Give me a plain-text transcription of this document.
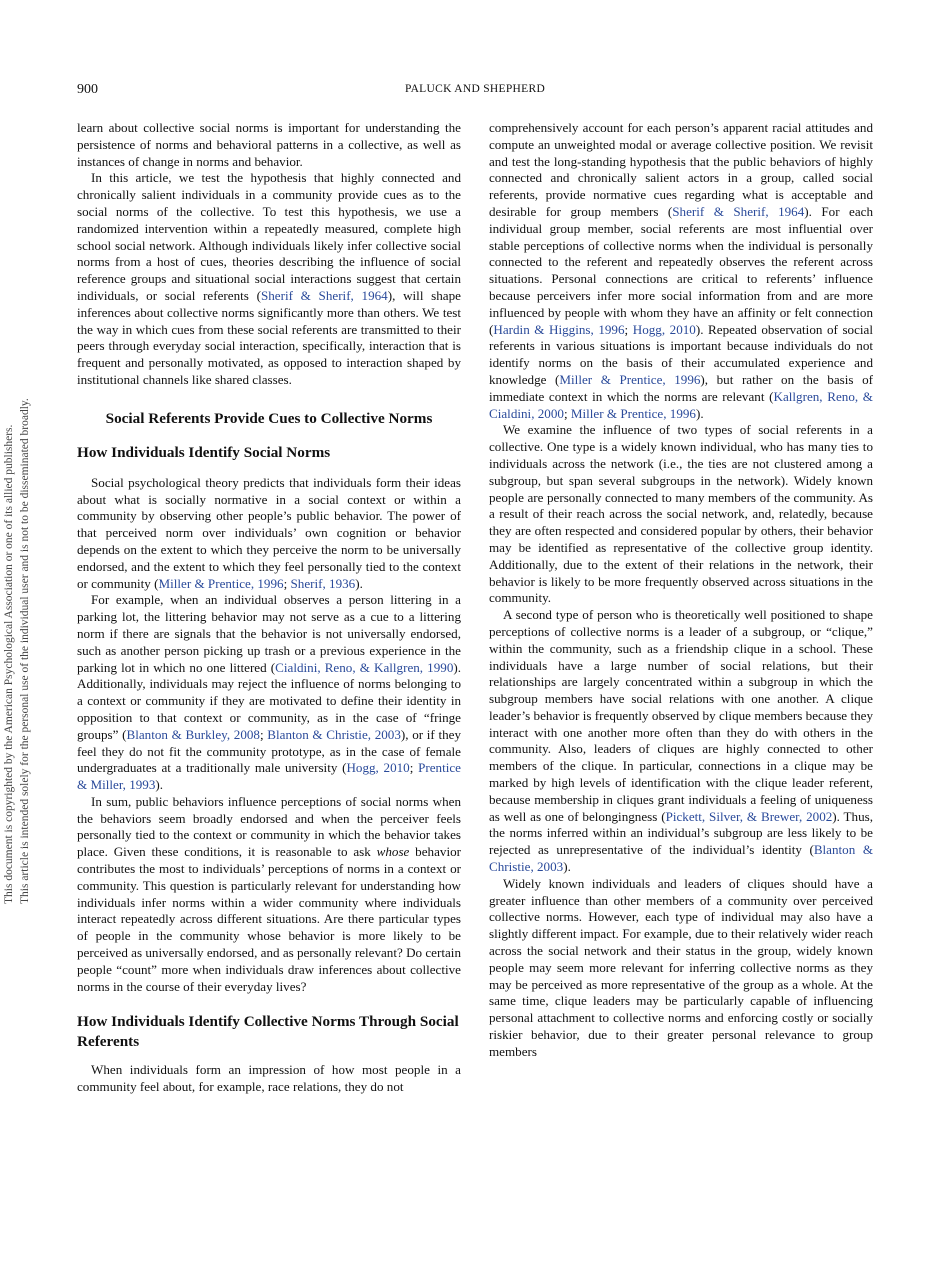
900	PALUCK AND SHEPHERD
This document is copyrighted by the American Psychological Association or one of its allied publishers. This article is intended solely for the personal use of the individual user and is not to be disseminated broadly.

learn about collective social norms is important for understanding the persistence of norms and behavioral patterns in a collective, as well as instances of change in norms and behavior.

In this article, we test the hypothesis that highly connected and chronically salient individuals in a community provide cues as to the social norms of the collective. To test this hypothesis, we use a randomized intervention within a repeatedly measured, complete high school social network. Although individuals likely infer collective social norms from a host of cues, theories describing the influence of social reference groups and situational social interactions suggest that certain individuals, or social referents (Sherif & Sherif, 1964), will shape inferences about collective norms significantly more than others. We test the way in which cues from these social referents are transmitted to their peers through everyday social interaction, specifically, interaction that is frequent and personally motivated, as opposed to interaction shaped by institutional channels like shared classes.

Social Referents Provide Cues to Collective Norms
How Individuals Identify Social Norms

Social psychological theory predicts that individuals form their ideas about what is socially normative in a social context or within a community by observing other people’s public behavior. The power of that perceived norm over individuals’ own cognition or behavior depends on the extent to which they perceive the norm to be universally endorsed, and the extent to which they feel personally tied to the context or community (Miller & Prentice, 1996; Sherif, 1936).

For example, when an individual observes a person littering in a parking lot, the littering behavior may not serve as a cue to a littering norm if there are signals that the behavior is not universally endorsed, such as another person picking up trash or a previous experience in the parking lot in which no one littered (Cialdini, Reno, & Kallgren, 1990). Additionally, individuals may reject the influence of norms belonging to a context or community if they are motivated to define their identity in opposition to that context or community, as in the case of “fringe groups” (Blanton & Burkley, 2008; Blanton & Christie, 2003), or if they feel they do not fit the community prototype, as in the case of female undergraduates at a traditionally male university (Hogg, 2010; Prentice & Miller, 1993).

In sum, public behaviors influence perceptions of social norms when the behaviors seem broadly endorsed and when the perceiver feels personally tied to the context or community in which the behavior takes place. Given these conditions, it is reasonable to ask whose behavior contributes the most to individuals’ perceptions of norms in a context or community. This question is particularly relevant for understanding how individuals infer norms within a wider community where individuals interact repeatedly across different situations. Are there particular types of people in the community whose behavior is more likely to be perceived as universally endorsed, and as personally relevant? Do certain people “count” more when individuals draw inferences about collective norms in the course of their everyday lives?

How Individuals Identify Collective Norms Through Social Referents

When individuals form an impression of how most people in a community feel about, for example, race relations, they do not

comprehensively account for each person’s apparent racial attitudes and compute an unweighted modal or average collective position. We revisit and test the long-standing hypothesis that the public behaviors of highly connected and chronically salient actors in a group, called social referents, provide normative cues regarding what is acceptable and desirable for group members (Sherif & Sherif, 1964). For each individual group member, social referents are most influential over stable perceptions of collective norms when the individual is personally connected to the referent and repeatedly observes the referent across situations. Personal connections are critical to referents’ influence because perceivers infer more social information from and are more influenced by people with whom they have an affinity or felt connection (Hardin & Higgins, 1996; Hogg, 2010). Repeated observation of social referents in various situations is important because individuals do not identify norms on the basis of their accumulated experience and knowledge (Miller & Prentice, 1996), but rather on the basis of immediate context in which the norms are relevant (Kallgren, Reno, & Cialdini, 2000; Miller & Prentice, 1996).

We examine the influence of two types of social referents in a collective. One type is a widely known individual, who has many ties to individuals across the network (i.e., the ties are not clustered among a subgroup, but span several subgroups in the network). Widely known people are personally connected to many members of the community. As a result of their reach across the social network, and, relatedly, because they are often respected and considered popular by others, their behavior may be identified as representative of the collective group identity. Additionally, due to the extent of their relations in the network, their behavior is likely to be more frequently observed across situations in the community.

A second type of person who is theoretically well positioned to shape perceptions of collective norms is a leader of a subgroup, or “clique,” within the community, such as a friendship clique in a school. These individuals have a large number of social relations, but their relationships are largely concentrated within a subgroup in which the subgroup members have social relations with one another. A clique leader’s behavior is frequently observed by clique members because they interact with one another more often than they do with others in the community. Also, leaders of cliques are highly connected to other members of the clique. In particular, connections in a clique may be marked by high levels of identification with the clique leader referent, because membership in cliques grant individuals a feeling of uniqueness as well as one of belongingness (Pickett, Silver, & Brewer, 2002). Thus, the norms inferred within an individual’s subgroup are less likely to be rejected as unrepresentative of the individual’s identity (Blanton & Christie, 2003).

Widely known individuals and leaders of cliques should have a greater influence than other members of a community over perceived collective norms. However, each type of individual may also have a slightly different impact. For example, due to their relatively wider reach across the social network and their status in the group, widely known people may seem more relevant for inferring collective norms as they may be perceived as more representative of the group as a whole. At the same time, clique leaders may be particularly capable of influencing personal attachment to collective norms and enforcing costly or socially riskier behavior, due to their greater personal relevance to group members
